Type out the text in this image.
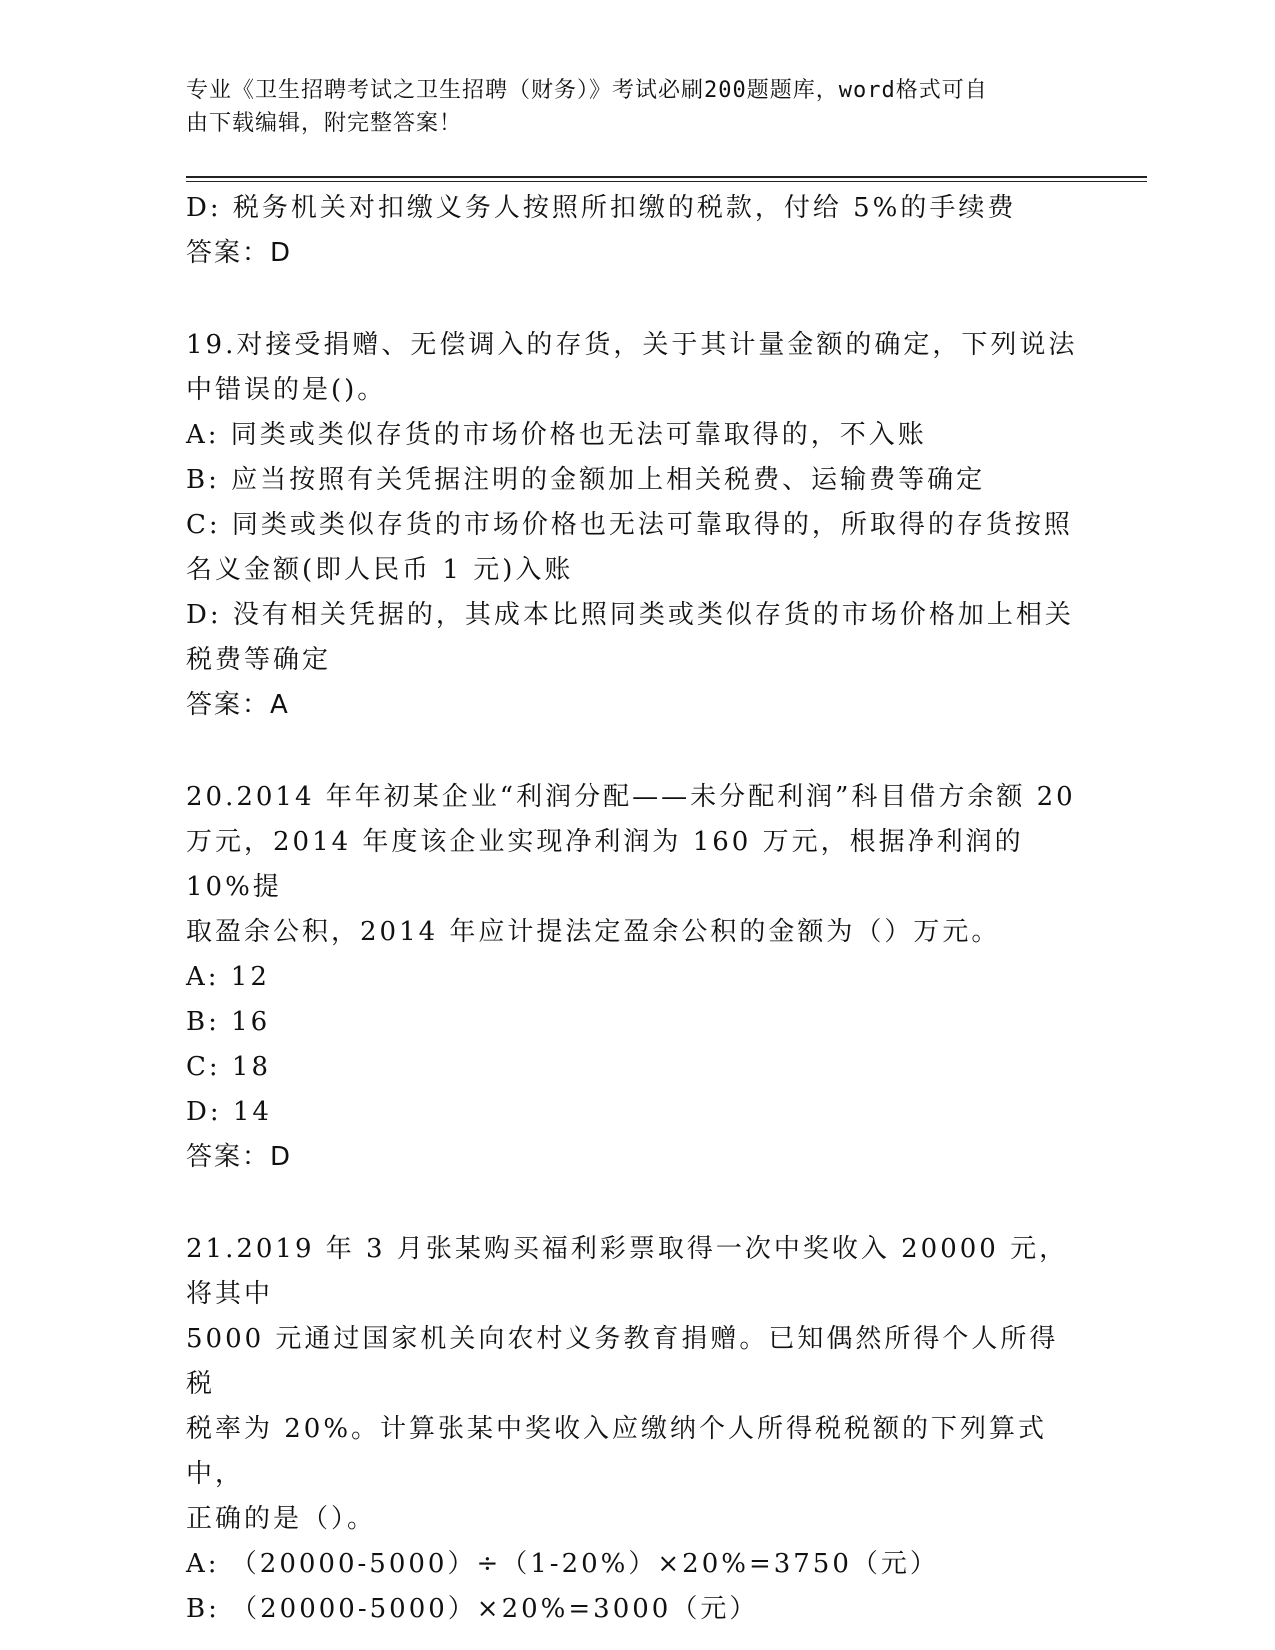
专业《卫生招聘考试之卫生招聘（财务）》考试必刷200题题库，word格式可自
由下载编辑，附完整答案！
D: 税务机关对扣缴义务人按照所扣缴的税款，付给 5%的手续费
答案：D
19.对接受捐赠、无偿调入的存货，关于其计量金额的确定，下列说法
中错误的是()。
A: 同类或类似存货的市场价格也无法可靠取得的，不入账
B: 应当按照有关凭据注明的金额加上相关税费、运输费等确定
C: 同类或类似存货的市场价格也无法可靠取得的，所取得的存货按照
名义金额(即人民币 1 元)入账
D: 没有相关凭据的，其成本比照同类或类似存货的市场价格加上相关
税费等确定
答案：A
20.2014 年年初某企业“利润分配——未分配利润”科目借方余额 20
万元，2014 年度该企业实现净利润为 160 万元，根据净利润的 10%提
取盈余公积，2014 年应计提法定盈余公积的金额为（）万元。
A: 12
B: 16
C: 18
D: 14
答案：D
21.2019 年 3 月张某购买福利彩票取得一次中奖收入 20000 元，将其中
5000 元通过国家机关向农村义务教育捐赠。已知偶然所得个人所得税
税率为 20%。计算张某中奖收入应缴纳个人所得税税额的下列算式中，
正确的是（）。
A: （20000-5000）÷（1-20%）×20%=3750（元）
B: （20000-5000）×20%=3000（元）
